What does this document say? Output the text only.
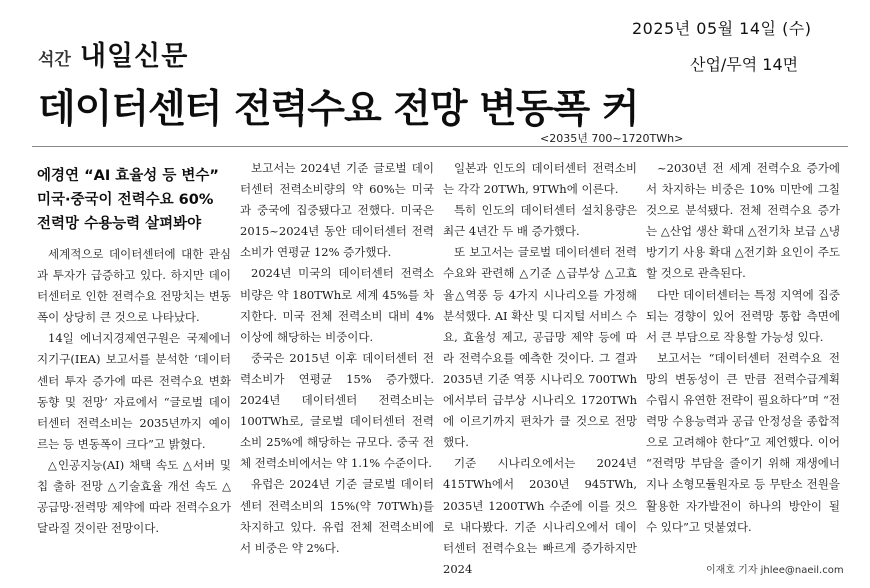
석간 내일신문
2025년 05월 14일 (수)
산업/무역 14면
데이터센터 전력수요 전망 변동폭 커
<2035년 700~1720TWh>
에경연 “AI 효율성 등 변수”
미국·중국이 전력수요 60%
전력망 수용능력 살펴봐야

세계적으로 데이터센터에 대한 관심과 투자가 급증하고 있다. 하지만 데이터센터로 인한 전력수요 전망치는 변동폭이 상당히 큰 것으로 나타났다.

14일 에너지경제연구원은 국제에너지기구(IEA) 보고서를 분석한 ‘데이터센터 투자 증가에 따른 전력수요 변화 동향 및 전망’ 자료에서 “글로벌 데이터센터 전력소비는 2035년까지 예이르는 등 변동폭이 크다”고 밝혔다.

△인공지능(AI) 채택 속도 △서버 및 칩 출하 전망 △기술효율 개선 속도 △공급망·전력망 제약에 따라 전력수요가 달라질 것이란 전망이다.

보고서는 2024년 기준 글로벌 데이터센터 전력소비량의 약 60%는 미국과 중국에 집중됐다고 전했다. 미국은 2015~2024년 동안 데이터센터 전력소비가 연평균 12% 증가했다.

2024년 미국의 데이터센터 전력소비량은 약 180TWh로 세계 45%를 차지한다. 미국 전체 전력소비 대비 4% 이상에 해당하는 비중이다.

중국은 2015년 이후 데이터센터 전력소비가 연평균 15% 증가했다. 2024년 데이터센터 전력소비는 100TWh로, 글로벌 데이터센터 전력소비 25%에 해당하는 규모다. 중국 전체 전력소비에서는 약 1.1% 수준이다.

유럽은 2024년 기준 글로벌 데이터센터 전력소비의 15%(약 70TWh)를 차지하고 있다. 유럽 전체 전력소비에서 비중은 약 2%다.

일본과 인도의 데이터센터 전력소비는 각각 20TWh, 9TWh에 이른다.

특히 인도의 데이터센터 설치용량은 최근 4년간 두 배 증가했다.

또 보고서는 글로벌 데이터센터 전력수요와 관련해 △기준 △급부상 △고효율△역풍 등 4가지 시나리오를 가정해 분석했다. AI 확산 및 디지털 서비스 수요, 효율성 제고, 공급망 제약 등에 따라 전력수요를 예측한 것이다. 그 결과 2035년 기준 역풍 시나리오 700TWh에서부터 급부상 시나리오 1720TWh에 이르기까지 편차가 클 것으로 전망했다.

기준 시나리오에서는 2024년 415TWh에서 2030년 945TWh, 2035년 1200TWh 수준에 이를 것으로 내다봤다. 기준 시나리오에서 데이터센터 전력수요는 빠르게 증가하지만 2024

~2030년 전 세계 전력수요 증가에서 차지하는 비중은 10% 미만에 그칠 것으로 분석됐다. 전체 전력수요 증가는 △산업 생산 확대 △전기차 보급 △냉방기기 사용 확대 △전기화 요인이 주도할 것으로 관측된다.

다만 데이터센터는 특정 지역에 집중되는 경향이 있어 전력망 통합 측면에서 큰 부담으로 작용할 가능성 있다.

보고서는 “데이터센터 전력수요 전망의 변동성이 큰 만큼 전력수급계획 수립시 유연한 전략이 필요하다”며 “전력망 수용능력과 공급 안정성을 종합적으로 고려해야 한다”고 제언했다. 이어 “전력망 부담을 줄이기 위해 재생에너지나 소형모듈원자로 등 무탄소 전원을 활용한 자가발전이 하나의 방안이 될 수 있다”고 덧붙였다.

이재호 기자 jhlee@naeil.com
